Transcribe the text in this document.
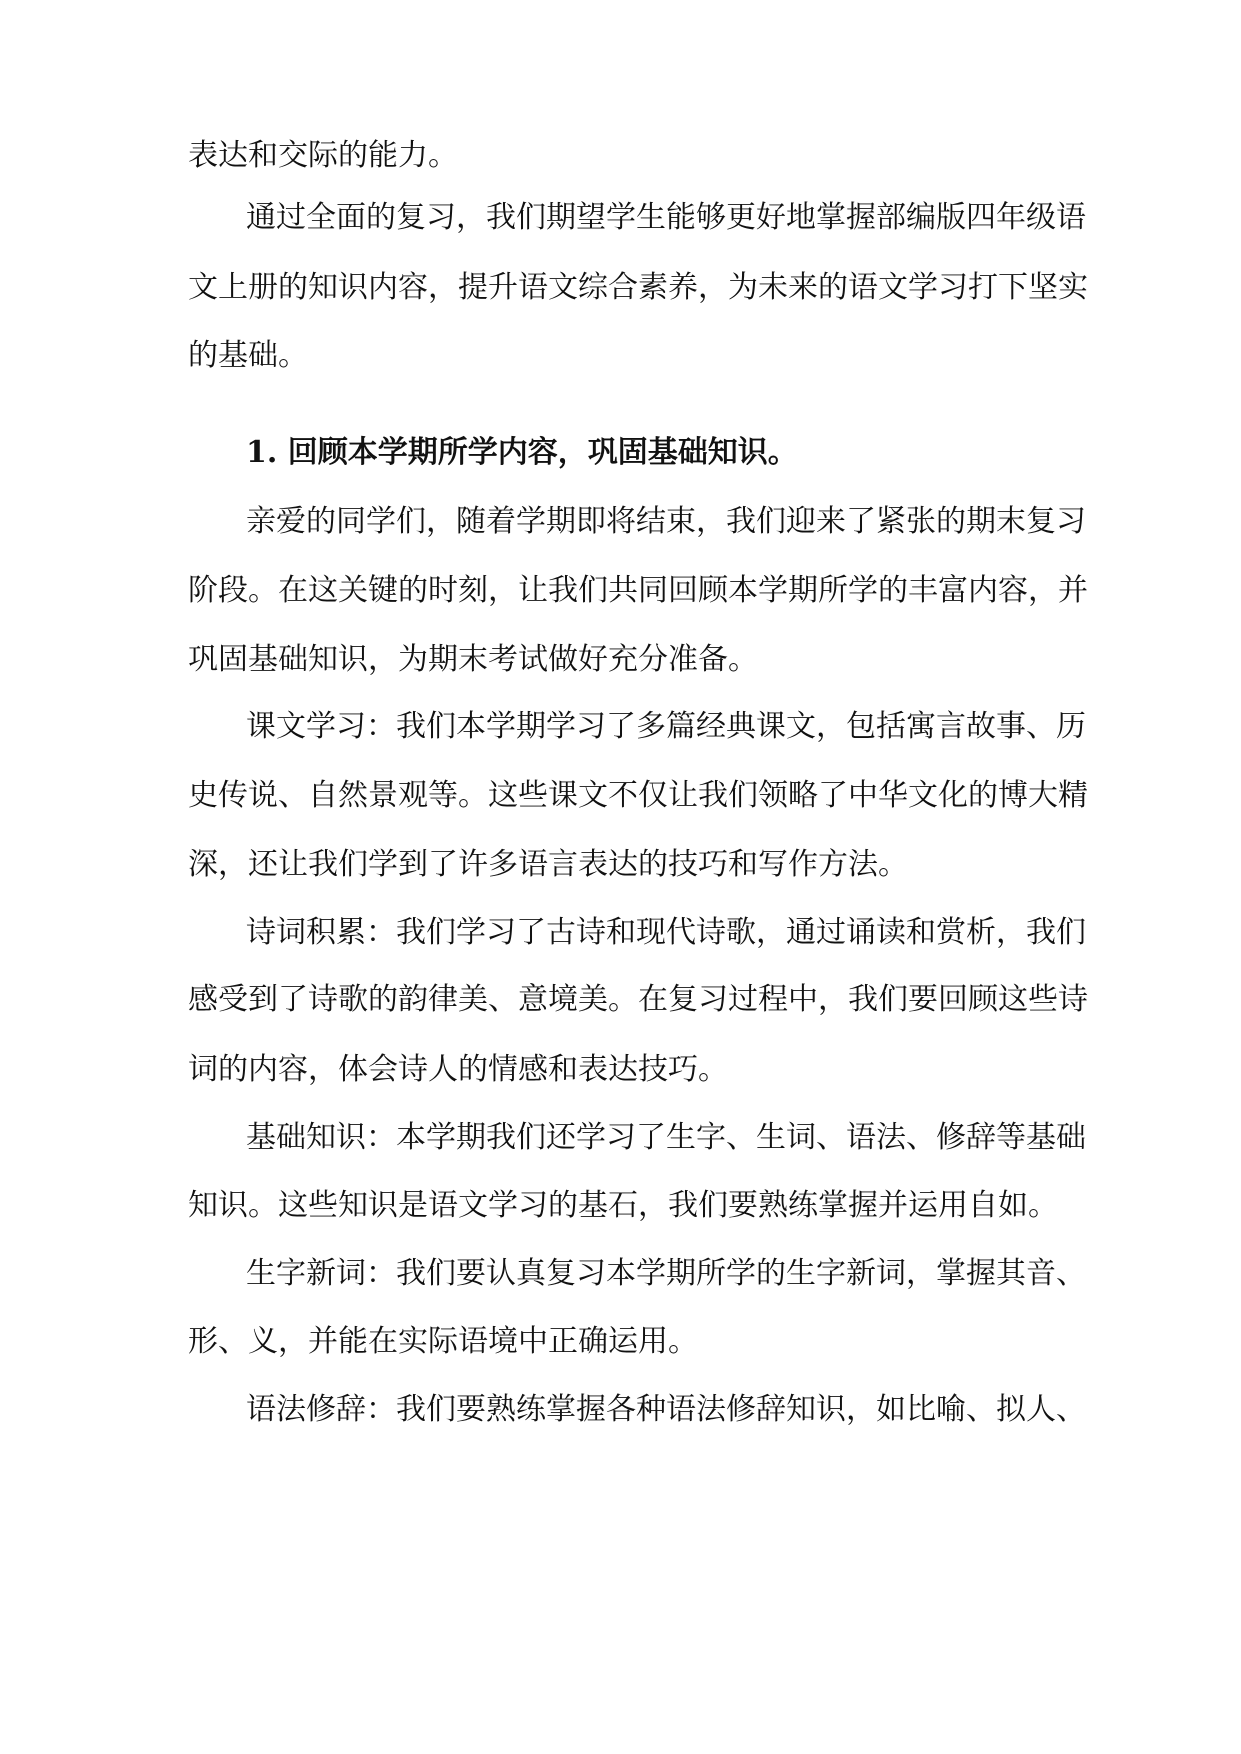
表达和交际的能力。
通过全面的复习，我们期望学生能够更好地掌握部编版四年级语
文上册的知识内容，提升语文综合素养，为未来的语文学习打下坚实
的基础。
1. 回顾本学期所学内容，巩固基础知识。
亲爱的同学们，随着学期即将结束，我们迎来了紧张的期末复习
阶段。在这关键的时刻，让我们共同回顾本学期所学的丰富内容，并
巩固基础知识，为期末考试做好充分准备。
课文学习：我们本学期学习了多篇经典课文，包括寓言故事、历
史传说、自然景观等。这些课文不仅让我们领略了中华文化的博大精
深，还让我们学到了许多语言表达的技巧和写作方法。
诗词积累：我们学习了古诗和现代诗歌，通过诵读和赏析，我们
感受到了诗歌的韵律美、意境美。在复习过程中，我们要回顾这些诗
词的内容，体会诗人的情感和表达技巧。
基础知识：本学期我们还学习了生字、生词、语法、修辞等基础
知识。这些知识是语文学习的基石，我们要熟练掌握并运用自如。
生字新词：我们要认真复习本学期所学的生字新词，掌握其音、
形、义，并能在实际语境中正确运用。
语法修辞：我们要熟练掌握各种语法修辞知识，如比喻、拟人、
